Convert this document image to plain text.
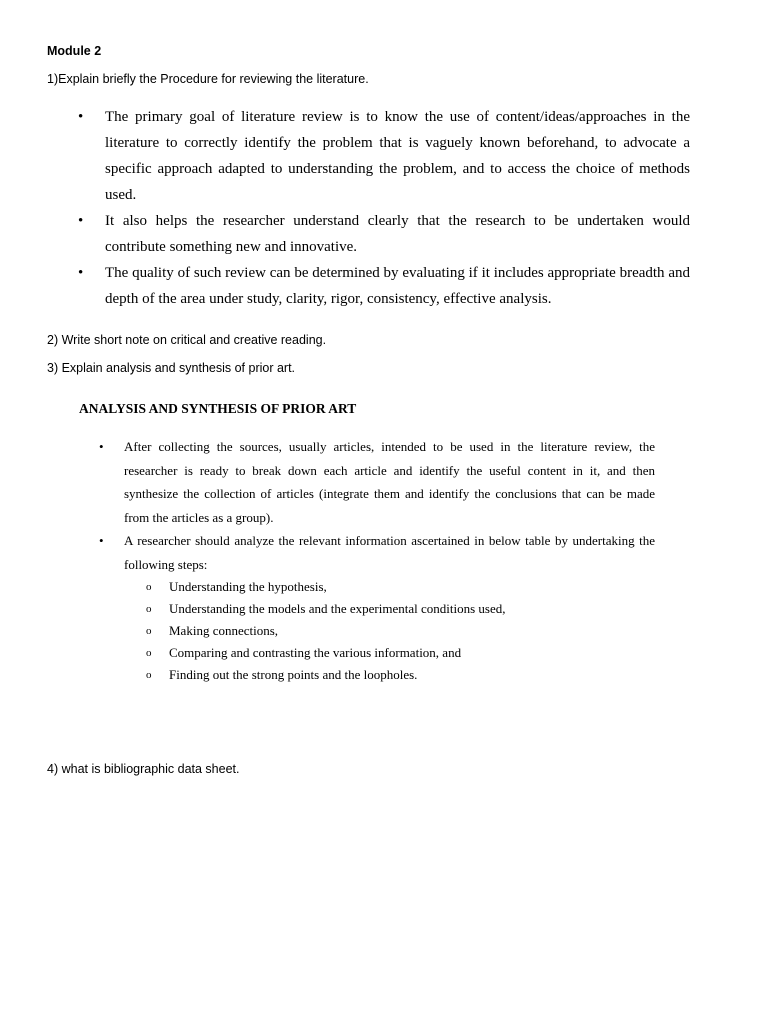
Module 2
1)Explain briefly the Procedure for reviewing the literature.
• The primary goal of literature review is to know the use of content/ideas/approaches in the literature to correctly identify the problem that is vaguely known beforehand, to advocate a specific approach adapted to understanding the problem, and to access the choice of methods used.
• It also helps the researcher understand clearly that the research to be undertaken would contribute something new and innovative.
• The quality of such review can be determined by evaluating if it includes appropriate breadth and depth of the area under study, clarity, rigor, consistency, effective analysis.
2) Write short note on critical and creative reading.
3) Explain analysis and synthesis of prior art.
ANALYSIS AND SYNTHESIS OF PRIOR ART
• After collecting the sources, usually articles, intended to be used in the literature review, the researcher is ready to break down each article and identify the useful content in it, and then synthesize the collection of articles (integrate them and identify the conclusions that can be made from the articles as a group).
• A researcher should analyze the relevant information ascertained in below table by undertaking the following steps:
o Understanding the hypothesis,
o Understanding the models and the experimental conditions used,
o Making connections,
o Comparing and contrasting the various information, and
o Finding out the strong points and the loopholes.
4) what is bibliographic data sheet.
